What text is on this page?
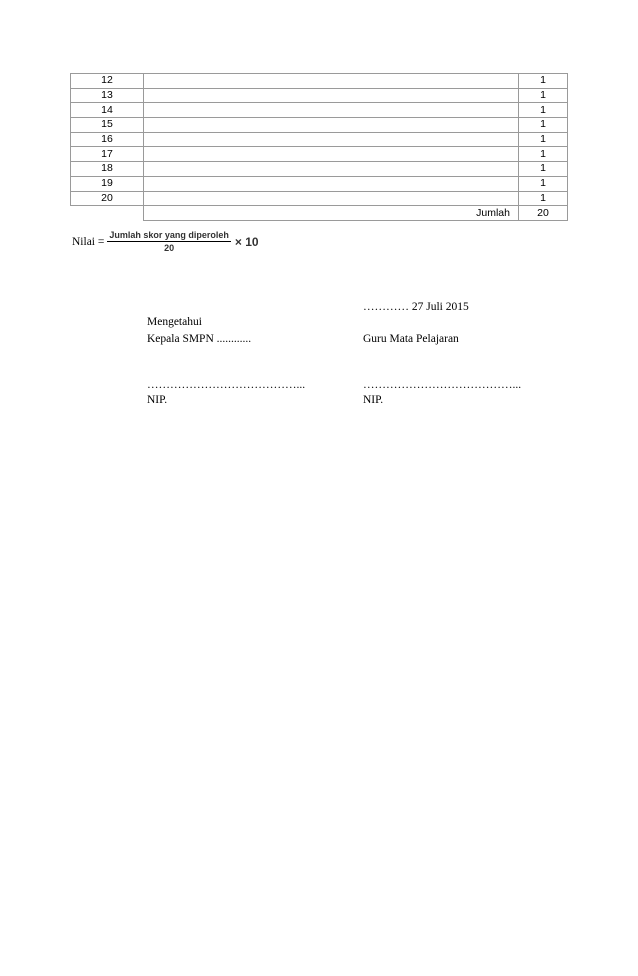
12		1
13		1
14		1
15		1
16		1
17		1
18		1
19		1
20		1
	Jumlah	20
Nilai = $\frac{\text{Jumlah skor yang diperoleh}}{20} \times 10$
………… 27 Juli 2015
Mengetahui
Kepala SMPN ............	Guru Mata Pelajaran
…………………………………...	…………………………………...
NIP.	NIP.
